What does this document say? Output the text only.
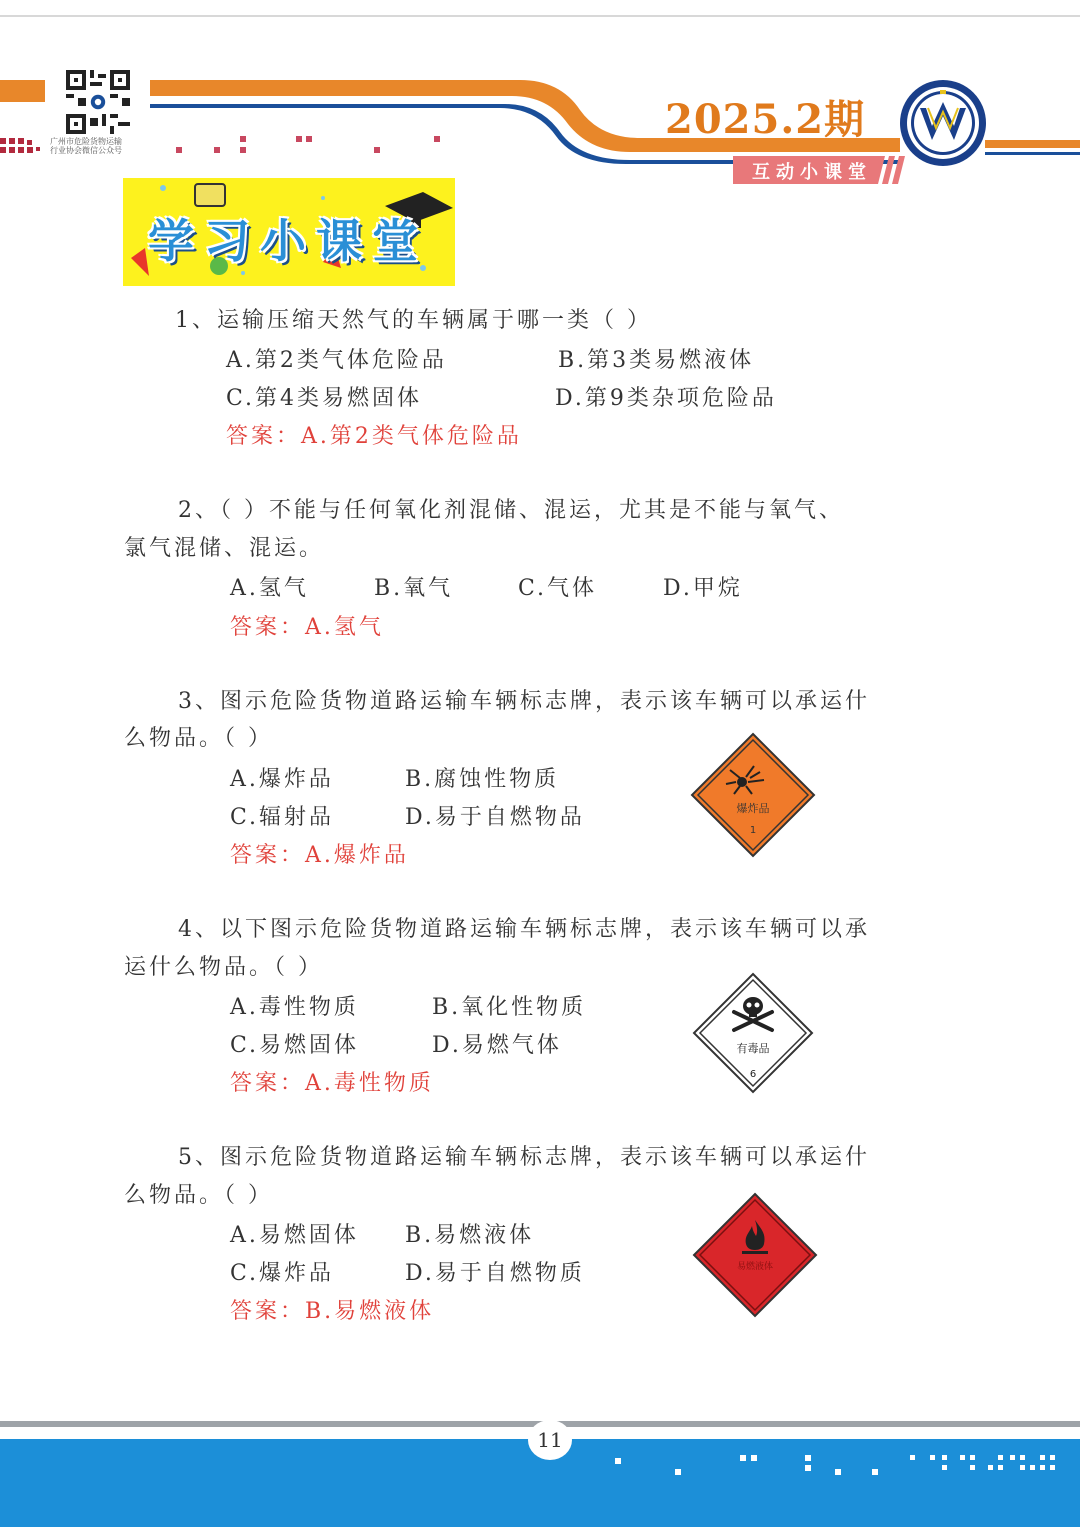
广州市危险货物运输
行业协会微信公众号
2025.2期
互动小课堂
学习小课堂
1、运输压缩天然气的车辆属于哪一类（ ）
A.第2类气体危险品	B.第3类易燃液体
C.第4类易燃固体	D.第9类杂项危险品
答案：A.第2类气体危险品
2、（ ）不能与任何氧化剂混储、混运，尤其是不能与氧气、
氯气混储、混运。
A.氢气	B.氧气	C.气体	D.甲烷
答案：A.氢气
3、图示危险货物道路运输车辆标志牌，表示该车辆可以承运什
么物品。（ ）
A.爆炸品	B.腐蚀性物质
C.辐射品	D.易于自燃物品
答案：A.爆炸品
爆炸品
1
4、以下图示危险货物道路运输车辆标志牌，表示该车辆可以承
运什么物品。（ ）
A.毒性物质	B.氧化性物质
C.易燃固体	D.易燃气体
答案：A.毒性物质
有毒品
6
5、图示危险货物道路运输车辆标志牌，表示该车辆可以承运什
么物品。（ ）
A.易燃固体 B.易燃液体
C.爆炸品	D.易于自燃物质
答案：B.易燃液体
易燃液体
11
